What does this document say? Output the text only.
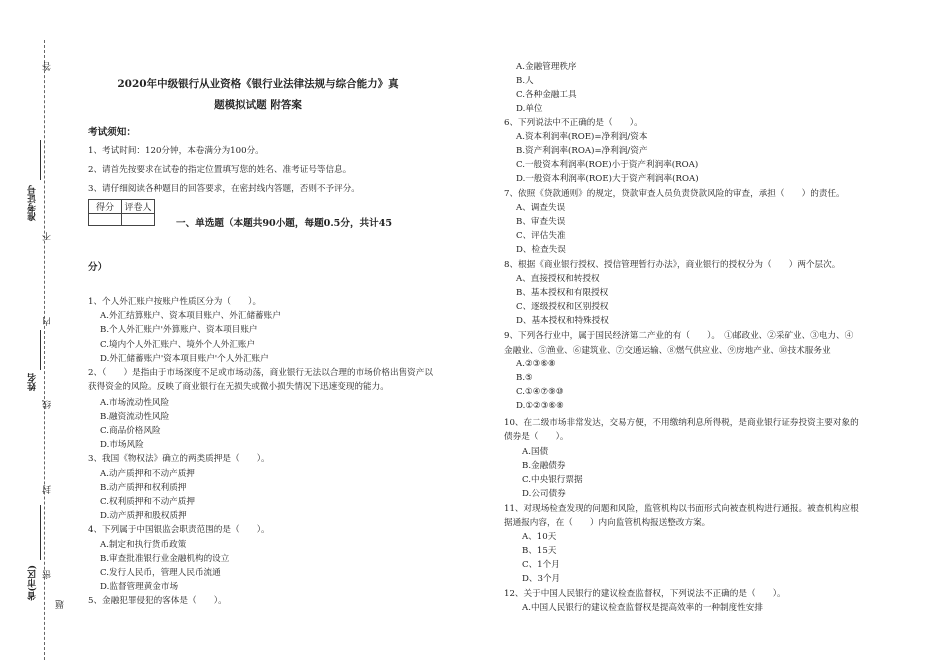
答
准考证号
不
内
姓名
线
封
省(市区) 密
题
2020年中级银行从业资格《银行业法律法规与综合能力》真
题模拟试题 附答案
考试须知：
1、考试时间：120分钟，本卷满分为100分。
2、请首先按要求在试卷的指定位置填写您的姓名、准考证号等信息。
3、请仔细阅读各种题目的回答要求，在密封线内答题，否则不予评分。
得分	评卷人

一、单选题（本题共90小题，每题0.5分，共计45
分）
1、个人外汇账户按账户性质区分为（　　）。
A.外汇结算账户、资本项目账户、外汇储蓄账户
B.个人外汇账户'外算账户、资本项目账户
C.境内个人外汇账户、境外个人外汇账户
D.外汇储蓄账户'资本项目账户'个人外汇账户
2、（　　）是指由于市场深度不足或市场动荡，商业银行无法以合理的市场价格出售资产以
获得资金的风险。反映了商业银行在无损失或微小损失情况下迅速变现的能力。
A.市场流动性风险
B.融资流动性风险
C.商品价格风险
D.市场风险
3、我国《物权法》确立的两类质押是（　　）。
A.动产质押和不动产质押
B.动产质押和权利质押
C.权利质押和不动产质押
D.动产质押和股权质押
4、下列属于中国银监会职责范围的是（　　）。
A.制定和执行货币政策
B.审查批准银行业金融机构的设立
C.发行人民币，管理人民币流通
D.监督管理黄金市场
5、金融犯罪侵犯的客体是（　　）。
A.金融管理秩序
B.人
C.各种金融工具
D.单位
6、下列说法中不正确的是（　　）。
A.资本利润率(ROE)=净利润/资本
B.资产利润率(ROA)=净利润/资产
C.一般资本利润率(ROE)小于资产利润率(ROA)
D.一般资本利润率(ROE)大于资产利润率(ROA)
7、依照《贷款通则》的规定，贷款审查人员负责贷款风险的审查，承担（　　）的责任。
A、调查失误
B、审查失误
C、评估失准
D、检查失误
8、根据《商业银行授权、授信管理暂行办法》，商业银行的授权分为（　　）两个层次。
A、直接授权和转授权
B、基本授权和有限授权
C、逐级授权和区别授权
D、基本授权和特殊授权
9、下列各行业中，属于国民经济第二产业的有（　　）。　①邮政业、②采矿业、③电力、④
金融业、⑤渔业、⑥建筑业、⑦交通运输、⑧燃气供应业、⑨房地产业、⑩技术服务业
A.②③⑥⑧
B.⑤
C.①④⑦⑨⑩
D.①②③⑥⑧
10、在二级市场非常发达，交易方便，不用缴纳利息所得税，是商业银行证券投资主要对象的
债券是（　　）。
A.国债
B.金融债券
C.中央银行票据
D.公司债券
11、对现场检查发现的问题和风险，监管机构以书面形式向被查机构进行通报。被查机构应根
据通报内容，在（　　）内向监管机构报送整改方案。
A、10天
B、15天
C、1个月
D、3个月
12、关于中国人民银行的建议检查监督权，下列说法不正确的是（　　）。
A.中国人民银行的建议检查监督权是提高效率的一种制度性安排
